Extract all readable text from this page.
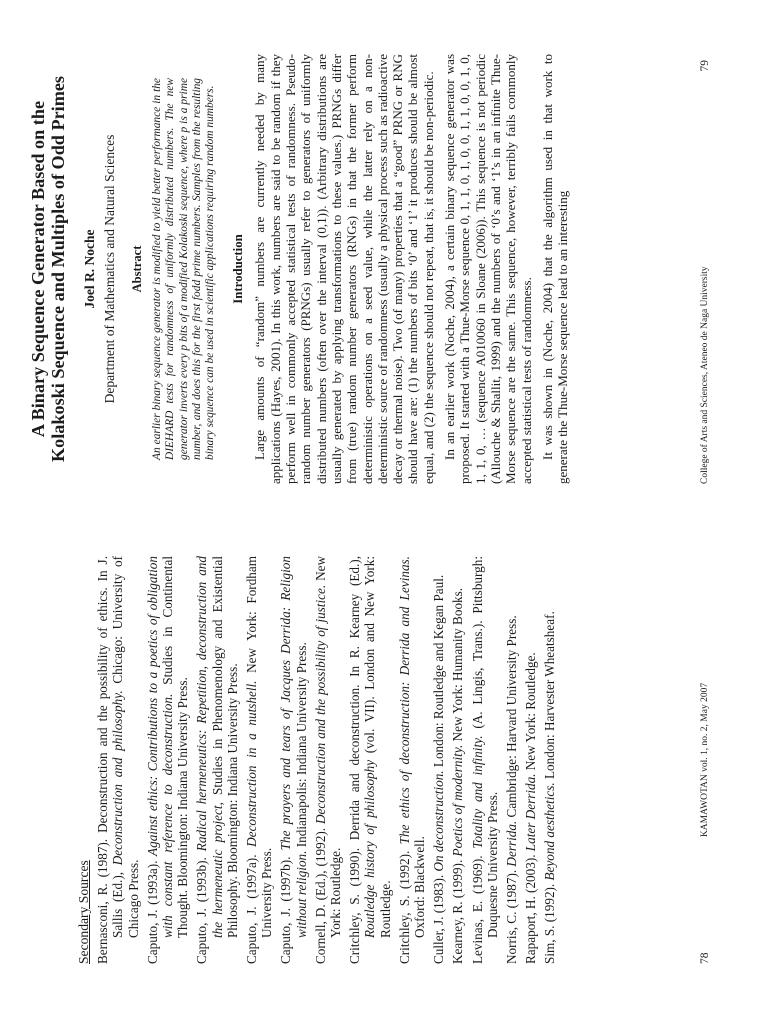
Secondary Sources Bernasconi, R. (1987). Deconstruction and the possibility of ethics. In J. Sallis (Ed.), Deconstruction and philosophy. Chicago: University of Chicago Press. Caputo, J. (1993a). Against ethics: Contributions to a poetics of obligation with constant reference to deconstruction. Studies in Continental Thought. Bloomington: Indiana University Press. Caputo, J. (1993b). Radical hermeneutics: Repetition, deconstruction and the hermeneutic project, Studies in Phenomenology and Existential Philosophy. Bloomington: Indiana University Press. Caputo, J. (1997a). Deconstruction in a nutshell. New York: Fordham University Press. Caputo, J. (1997b). The prayers and tears of Jacques Derrida: Religion without religion. Indianapolis: Indiana University Press.

Cornell, D. (Ed.), (1992). Deconstruction and the possibility of justice. New York: Routledge. Critchley, S. (1990). Derrida and deconstruction. In R. Kearney (Ed.), Routledge history of philosophy (vol. VII). London and New York: Routledge. Critchley, S. (1992). The ethics of deconstruction: Derrida and Levinas. Oxford: Blackwell. Culler, J. (1983). On deconstruction. London: Routledge and Kegan Paul.

Kearney, R. (1999). Poetics of modernity. New York: Humanity Books.

Levinas, E. (1969). Totality and infinity. (A. Lingis, Trans.). Pittsburgh: Duquesne University Press. Norris, C. (1987). Derrida. Cambridge: Harvard University Press.

Rapaport, H. (2003). Later Derrida. New York: Routledge.

Sim, S. (1992). Beyond aesthetics. London: Harvester Wheatsheaf.

78
KAMAWOTAN vol. 1, no. 2, May 2007
A Binary Sequence Generator Based on the Kolakoski Sequence and Multiples of Odd Primes Joel R. Noche Department of Mathematics and Natural Sciences Abstract An earlier binary sequence generator is modified to yield better performance in the DIEHARD tests for randomness of uniformly distributed numbers. The new generator inverts every p bits of a modified Kolakoski sequence, where p is a prime number, and does this for the first fodd prime numbers. Samples from the resulting binary sequence can be used in scientific applications requiring random numbers. Introduction Large amounts of “random” numbers are currently needed by many applications (Hayes, 2001). In this work, numbers are said to be random if they perform well in commonly accepted statistical tests of randomness. Pseudo-random number generators (PRNGs) usually refer to generators of uniformly distributed numbers (often over the interval (0,1)). (Arbitrary distributions are usually generated by applying transformations to these values.) PRNGs differ from (true) random number generators (RNGs) in that the former perform deterministic operations on a seed value, while the latter rely on a non-deterministic source of randomness (usually a physical process such as radioactive decay or thermal noise). Two (of many) properties that a “good” PRNG or RNG should have are: (1) the numbers of bits ‘0’ and ‘1’ it produces should be almost equal, and (2) the sequence should not repeat, that is, it should be non-periodic. In an earlier work (Noche, 2004), a certain binary sequence generator was proposed. It started with a Thue-Morse sequence 0, 1, 1, 0, 1, 0, 0, 1, 1, 0, 0, 1, 0, 1, 1, 0, … (sequence A010060 in Sloane (2006)). This sequence is not periodic (Allouche & Shallit, 1999) and the numbers of ‘0’s and ‘1’s in an infinite Thue-Morse sequence are the same. This sequence, however, terribly fails commonly accepted statistical tests of randomness. It was shown in (Noche, 2004) that the algorithm used in that work to generate the Thue-Morse sequence lead to an interesting	College of Arts and Sciences, Ateneo de Naga University
79
